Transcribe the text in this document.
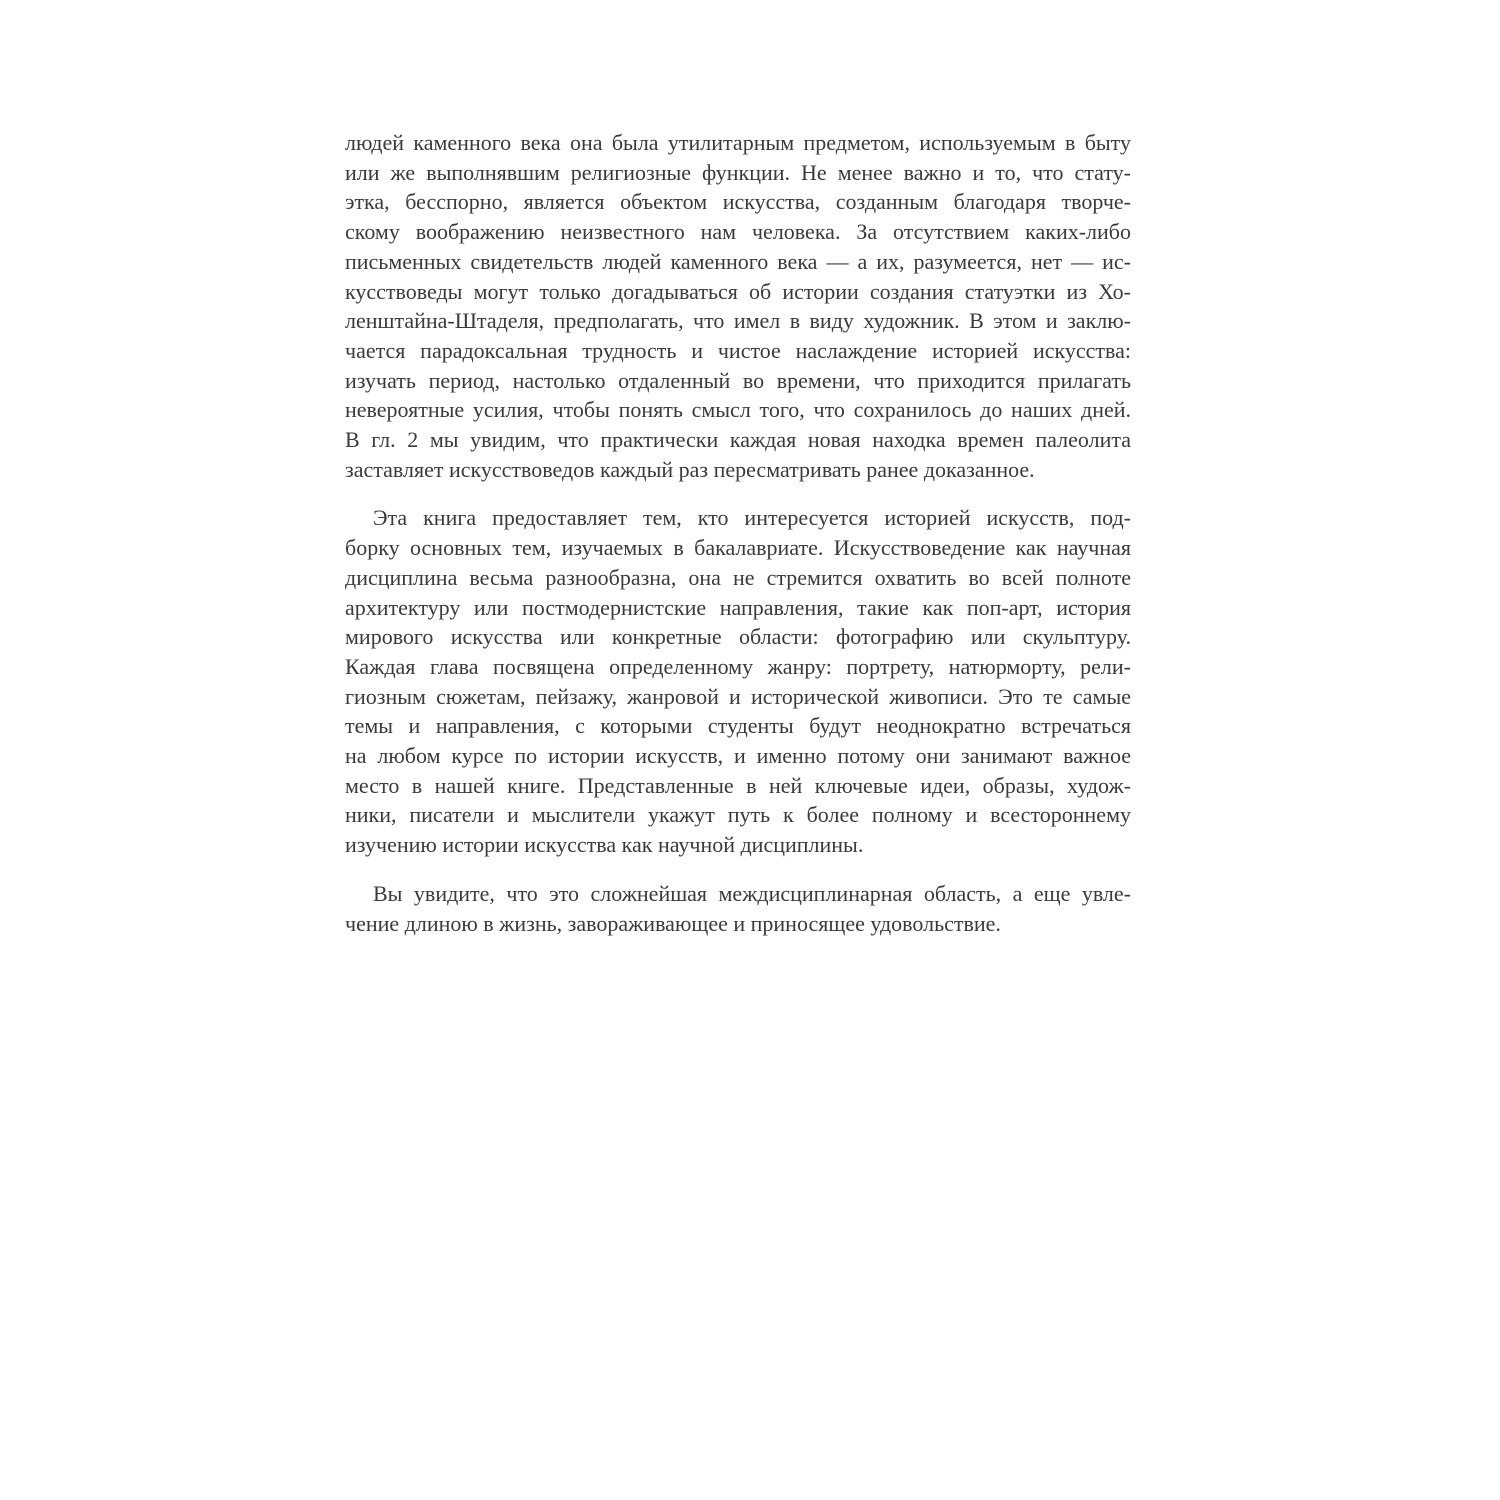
людей каменного века она была утилитарным предметом, используемым в быту
или же выполнявшим религиозные функции. Не менее важно и то, что стату-
этка, бесспорно, является объектом искусства, созданным благодаря творче-
скому воображению неизвестного нам человека. За отсутствием каких-либо
письменных свидетельств людей каменного века — а их, разумеется, нет — ис-
кусствоведы могут только догадываться об истории создания статуэтки из Хо-
ленштайна-Штаделя, предполагать, что имел в виду художник. В этом и заклю-
чается парадоксальная трудность и чистое наслаждение историей искусства:
изучать период, настолько отдаленный во времени, что приходится прилагать
невероятные усилия, чтобы понять смысл того, что сохранилось до наших дней.
В гл. 2 мы увидим, что практически каждая новая находка времен палеолита
заставляет искусствоведов каждый раз пересматривать ранее доказанное.
Эта книга предоставляет тем, кто интересуется историей искусств, под-
борку основных тем, изучаемых в бакалавриате. Искусствоведение как научная
дисциплина весьма разнообразна, она не стремится охватить во всей полноте
архитектуру или постмодернистские направления, такие как поп-арт, история
мирового искусства или конкретные области: фотографию или скульптуру.
Каждая глава посвящена определенному жанру: портрету, натюрморту, рели-
гиозным сюжетам, пейзажу, жанровой и исторической живописи. Это те самые
темы и направления, с которыми студенты будут неоднократно встречаться
на любом курсе по истории искусств, и именно потому они занимают важное
место в нашей книге. Представленные в ней ключевые идеи, образы, худож-
ники, писатели и мыслители укажут путь к более полному и всестороннему
изучению истории искусства как научной дисциплины.
Вы увидите, что это сложнейшая междисциплинарная область, а еще увле-
чение длиною в жизнь, завораживающее и приносящее удовольствие.
